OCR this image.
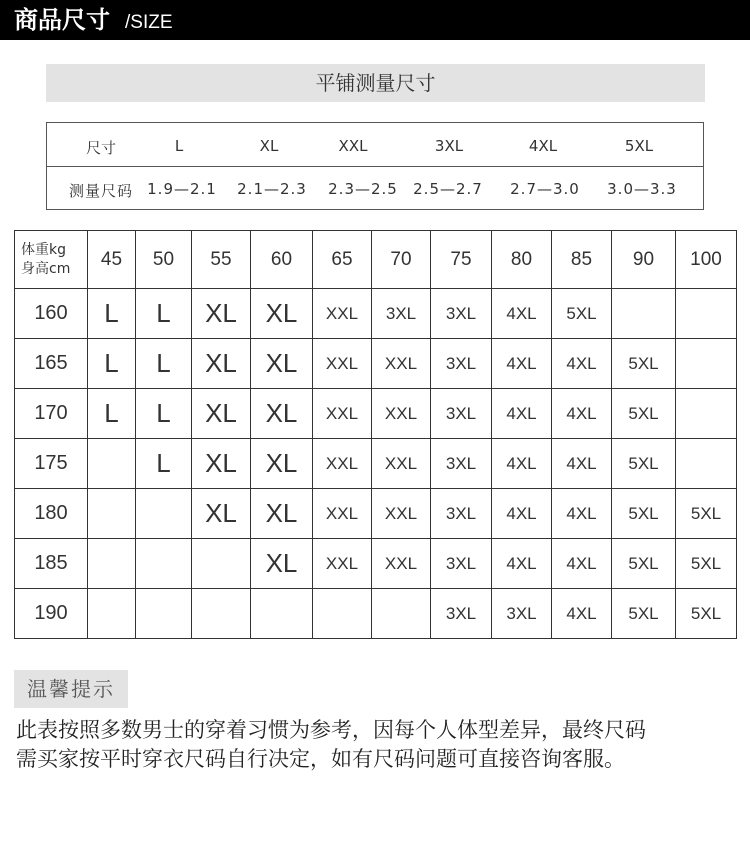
商品尺寸 /SIZE
平铺测量尺寸
尺寸	L	XL	XXL	3XL	4XL	5XL
测量尺码 1.9—2.1 2.1—2.3 2.3—2.5 2.5—2.7 2.7—3.0 3.0—3.3
体重kg
身高cm	45	50	55	60	65	70	75	80	85	90	100
160	L	L	XL	XL	XXL	3XL	3XL	4XL	5XL		
165	L	L	XL	XL	XXL	XXL	3XL	4XL	4XL	5XL	
170	L	L	XL	XL	XXL	XXL	3XL	4XL	4XL	5XL	
175		L	XL	XL	XXL	XXL	3XL	4XL	4XL	5XL	
180			XL	XL	XXL	XXL	3XL	4XL	4XL	5XL	5XL
185				XL	XXL	XXL	3XL	4XL	4XL	5XL	5XL
190							3XL	3XL	4XL	5XL	5XL
温馨提示
此表按照多数男士的穿着习惯为参考，因每个人体型差异，最终尺码
需买家按平时穿衣尺码自行决定，如有尺码问题可直接咨询客服。
